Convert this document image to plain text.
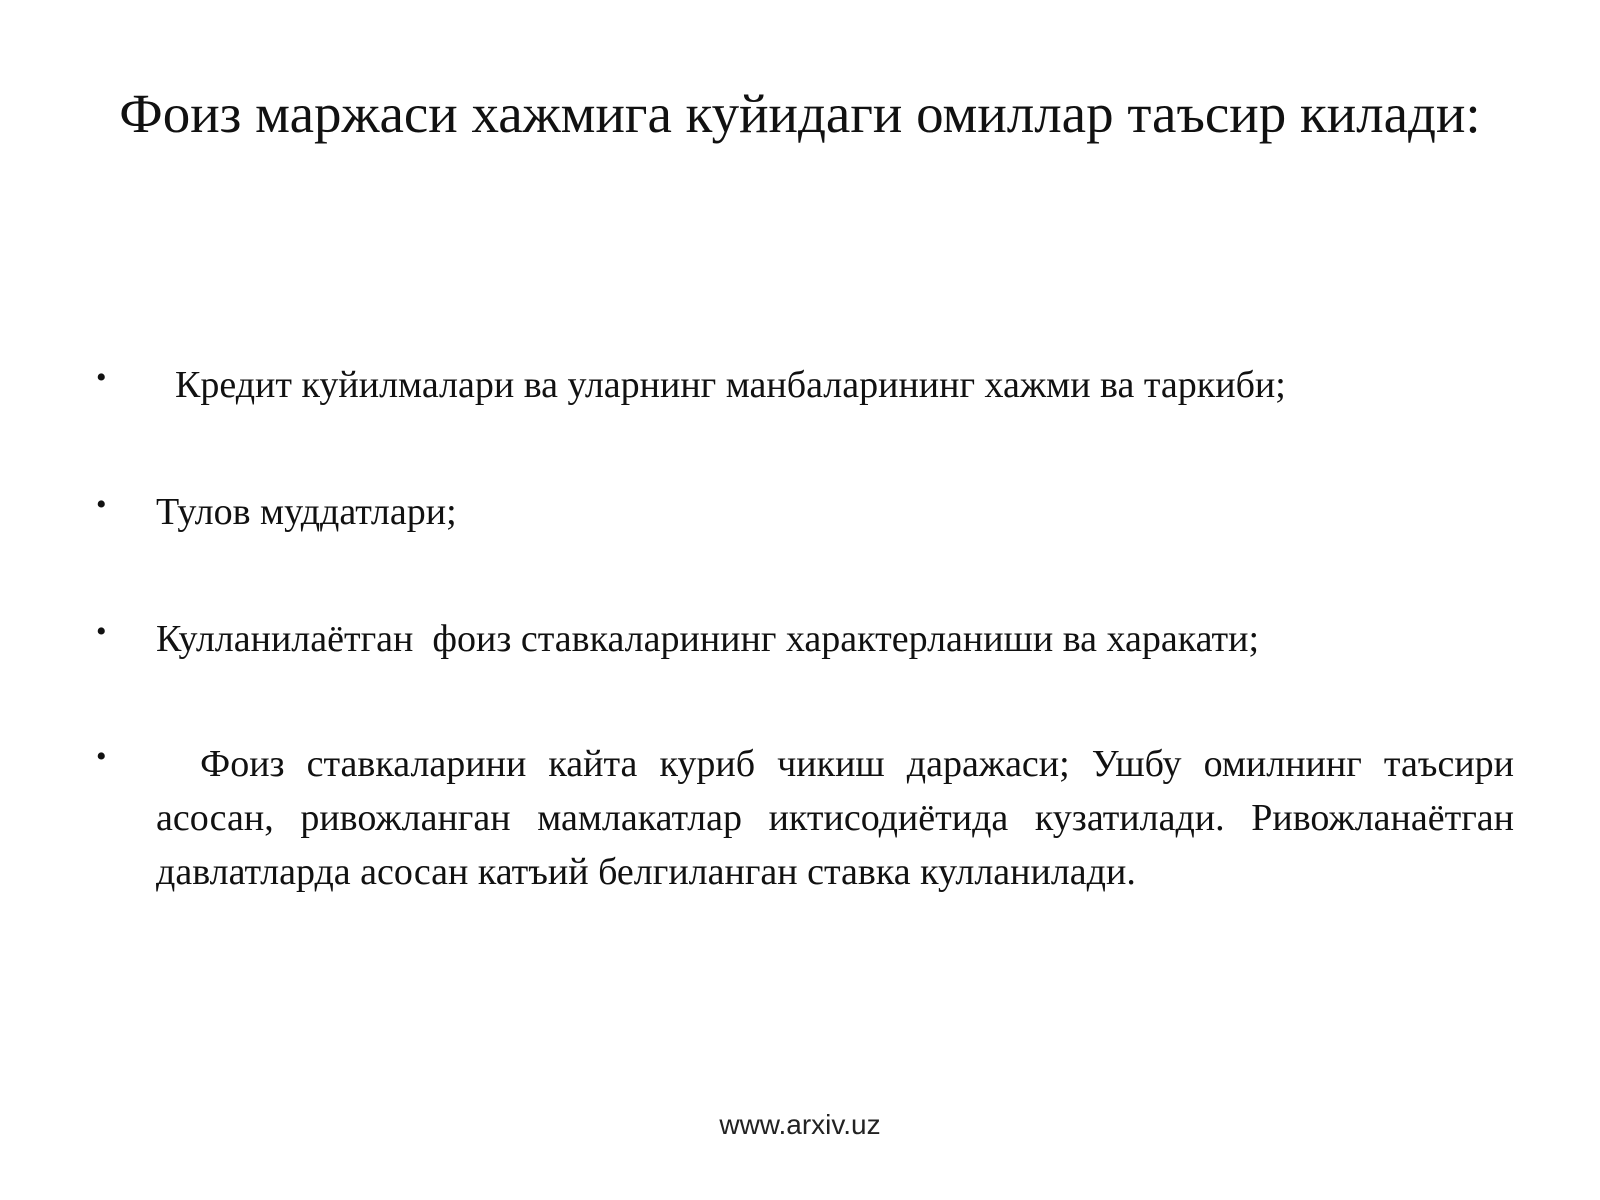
Фоиз маржаси хажмига куйидаги омиллар таъсир килади:
• Кредит куйилмалари ва уларнинг манбаларининг хажми ва таркиби;
• Тулов муддатлари;
• Кулланилаётган  фоиз ставкаларининг характерланиши ва харакати;
• Фоиз ставкаларини кайта куриб чикиш даражаси; Ушбу омилнинг таъсири асосан, ривожланган мамлакатлар иктисодиётида кузатилади. Ривожланаётган давлатларда асосан катъий белгиланган ставка кулланилади.
www.arxiv.uz
